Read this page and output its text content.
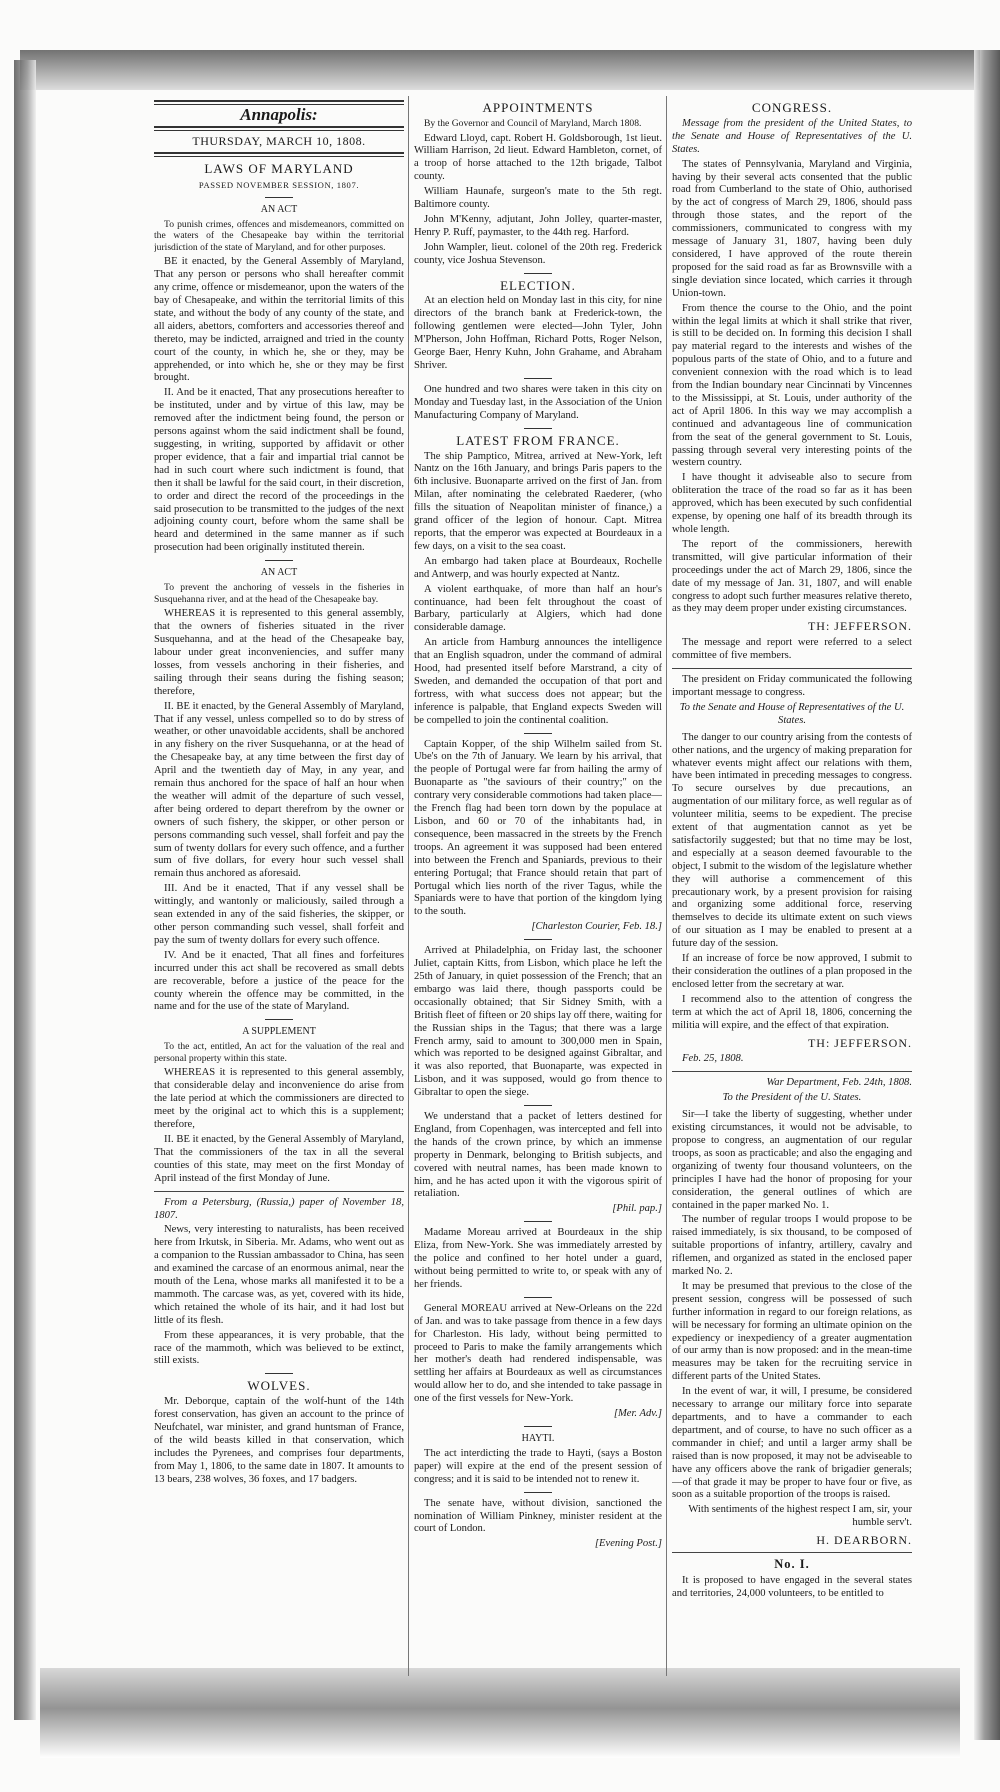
Annapolis:
THURSDAY, MARCH 10, 1808.
LAWS OF MARYLAND
PASSED NOVEMBER SESSION, 1807.
AN ACT

To punish crimes, offences and misdemeanors, committed on the waters of the Chesapeake bay within the territorial jurisdiction of the state of Maryland, and for other purposes.

BE it enacted, by the General Assembly of Maryland, That any person or persons who shall hereafter commit any crime, offence or misdemeanor, upon the waters of the bay of Chesapeake, and within the territorial limits of this state, and without the body of any county of the state, and all aiders, abettors, comforters and accessories thereof and thereto, may be indicted, arraigned and tried in the county court of the county, in which he, she or they, may be apprehended, or into which he, she or they may be first brought.

II. And be it enacted, That any prosecutions hereafter to be instituted, under and by virtue of this law, may be removed after the indictment being found, the person or persons against whom the said indictment shall be found, suggesting, in writing, supported by affidavit or other proper evidence, that a fair and impartial trial cannot be had in such court where such indictment is found, that then it shall be lawful for the said court, in their discretion, to order and direct the record of the proceedings in the said prosecution to be transmitted to the judges of the next adjoining county court, before whom the same shall be heard and determined in the same manner as if such prosecution had been originally instituted therein.

AN ACT

To prevent the anchoring of vessels in the fisheries in Susquehanna river, and at the head of the Chesapeake bay.

WHEREAS it is represented to this general assembly, that the owners of fisheries situated in the river Susquehanna, and at the head of the Chesapeake bay, labour under great inconveniencies, and suffer many losses, from vessels anchoring in their fisheries, and sailing through their seans during the fishing season; therefore,

II. BE it enacted, by the General Assembly of Maryland, That if any vessel, unless compelled so to do by stress of weather, or other unavoidable accidents, shall be anchored in any fishery on the river Susquehanna, or at the head of the Chesapeake bay, at any time between the first day of April and the twentieth day of May, in any year, and remain thus anchored for the space of half an hour when the weather will admit of the departure of such vessel, after being ordered to depart therefrom by the owner or owners of such fishery, the skipper, or other person or persons commanding such vessel, shall forfeit and pay the sum of twenty dollars for every such offence, and a further sum of five dollars, for every hour such vessel shall remain thus anchored as aforesaid.

III. And be it enacted, That if any vessel shall be wittingly, and wantonly or maliciously, sailed through a sean extended in any of the said fisheries, the skipper, or other person commanding such vessel, shall forfeit and pay the sum of twenty dollars for every such offence.

IV. And be it enacted, That all fines and forfeitures incurred under this act shall be recovered as small debts are recoverable, before a justice of the peace for the county wherein the offence may be committed, in the name and for the use of the state of Maryland.

A SUPPLEMENT

To the act, entitled, An act for the valuation of the real and personal property within this state.

WHEREAS it is represented to this general assembly, that considerable delay and inconvenience do arise from the late period at which the commissioners are directed to meet by the original act to which this is a supplement; therefore,

II. BE it enacted, by the General Assembly of Maryland, That the commissioners of the tax in all the several counties of this state, may meet on the first Monday of April instead of the first Monday of June.

From a Petersburg, (Russia,) paper of November 18, 1807.

News, very interesting to naturalists, has been received here from Irkutsk, in Siberia. Mr. Adams, who went out as a companion to the Russian ambassador to China, has seen and examined the carcase of an enormous animal, near the mouth of the Lena, whose marks all manifested it to be a mammoth. The carcase was, as yet, covered with its hide, which retained the whole of its hair, and it had lost but little of its flesh.

From these appearances, it is very probable, that the race of the mammoth, which was believed to be extinct, still exists.

WOLVES.

Mr. Deborque, captain of the wolf-hunt of the 14th forest conservation, has given an account to the prince of Neufchatel, war minister, and grand huntsman of France, of the wild beasts killed in that conservation, which includes the Pyrenees, and comprises four departments, from May 1, 1806, to the same date in 1807. It amounts to 13 bears, 238 wolves, 36 foxes, and 17 badgers.

APPOINTMENTS

By the Governor and Council of Maryland, March 1808.

Edward Lloyd, capt. Robert H. Goldsborough, 1st lieut. William Harrison, 2d lieut. Edward Hambleton, cornet, of a troop of horse attached to the 12th brigade, Talbot county.

William Haunafe, surgeon's mate to the 5th regt. Baltimore county.

John M'Kenny, adjutant, John Jolley, quarter-master, Henry P. Ruff, paymaster, to the 44th reg. Harford.

John Wampler, lieut. colonel of the 20th reg. Frederick county, vice Joshua Stevenson.

ELECTION.

At an election held on Monday last in this city, for nine directors of the branch bank at Frederick-town, the following gentlemen were elected—John Tyler, John M'Pherson, John Hoffman, Richard Potts, Roger Nelson, George Baer, Henry Kuhn, John Grahame, and Abraham Shriver.

One hundred and two shares were taken in this city on Monday and Tuesday last, in the Association of the Union Manufacturing Company of Maryland.

LATEST FROM FRANCE.

The ship Pamptico, Mitrea, arrived at New-York, left Nantz on the 16th January, and brings Paris papers to the 6th inclusive. Buonaparte arrived on the first of Jan. from Milan, after nominating the celebrated Raederer, (who fills the situation of Neapolitan minister of finance,) a grand officer of the legion of honour. Capt. Mitrea reports, that the emperor was expected at Bourdeaux in a few days, on a visit to the sea coast.

An embargo had taken place at Bourdeaux, Rochelle and Antwerp, and was hourly expected at Nantz.

A violent earthquake, of more than half an hour's continuance, had been felt throughout the coast of Barbary, particularly at Algiers, which had done considerable damage.

An article from Hamburg announces the intelligence that an English squadron, under the command of admiral Hood, had presented itself before Marstrand, a city of Sweden, and demanded the occupation of that port and fortress, with what success does not appear; but the inference is palpable, that England expects Sweden will be compelled to join the continental coalition.

Captain Kopper, of the ship Wilhelm sailed from St. Ube's on the 7th of January. We learn by his arrival, that the people of Portugal were far from hailing the army of Buonaparte as "the saviours of their country;" on the contrary very considerable commotions had taken place—the French flag had been torn down by the populace at Lisbon, and 60 or 70 of the inhabitants had, in consequence, been massacred in the streets by the French troops. An agreement it was supposed had been entered into between the French and Spaniards, previous to their entering Portugal; that France should retain that part of Portugal which lies north of the river Tagus, while the Spaniards were to have that portion of the kingdom lying to the south.

[Charleston Courier, Feb. 18.]

Arrived at Philadelphia, on Friday last, the schooner Juliet, captain Kitts, from Lisbon, which place he left the 25th of January, in quiet possession of the French; that an embargo was laid there, though passports could be occasionally obtained; that Sir Sidney Smith, with a British fleet of fifteen or 20 ships lay off there, waiting for the Russian ships in the Tagus; that there was a large French army, said to amount to 300,000 men in Spain, which was reported to be designed against Gibraltar, and it was also reported, that Buonaparte, was expected in Lisbon, and it was supposed, would go from thence to Gibraltar to open the siege.

We understand that a packet of letters destined for England, from Copenhagen, was intercepted and fell into the hands of the crown prince, by which an immense property in Denmark, belonging to British subjects, and covered with neutral names, has been made known to him, and he has acted upon it with the vigorous spirit of retaliation.

[Phil. pap.]

Madame Moreau arrived at Bourdeaux in the ship Eliza, from New-York. She was immediately arrested by the police and confined to her hotel under a guard, without being permitted to write to, or speak with any of her friends.

General MOREAU arrived at New-Orleans on the 22d of Jan. and was to take passage from thence in a few days for Charleston. His lady, without being permitted to proceed to Paris to make the family arrangements which her mother's death had rendered indispensable, was settling her affairs at Bourdeaux as well as circumstances would allow her to do, and she intended to take passage in one of the first vessels for New-York.

[Mer. Adv.]
HAYTI.

The act interdicting the trade to Hayti, (says a Boston paper) will expire at the end of the present session of congress; and it is said to be intended not to renew it.

The senate have, without division, sanctioned the nomination of William Pinkney, minister resident at the court of London.

[Evening Post.]
CONGRESS.

Message from the president of the United States, to the Senate and House of Representatives of the U. States.

The states of Pennsylvania, Maryland and Virginia, having by their several acts consented that the public road from Cumberland to the state of Ohio, authorised by the act of congress of March 29, 1806, should pass through those states, and the report of the commissioners, communicated to congress with my message of January 31, 1807, having been duly considered, I have approved of the route therein proposed for the said road as far as Brownsville with a single deviation since located, which carries it through Union-town.

From thence the course to the Ohio, and the point within the legal limits at which it shall strike that river, is still to be decided on. In forming this decision I shall pay material regard to the interests and wishes of the populous parts of the state of Ohio, and to a future and convenient connexion with the road which is to lead from the Indian boundary near Cincinnati by Vincennes to the Mississippi, at St. Louis, under authority of the act of April 1806. In this way we may accomplish a continued and advantageous line of communication from the seat of the general government to St. Louis, passing through several very interesting points of the western country.

I have thought it adviseable also to secure from obliteration the trace of the road so far as it has been approved, which has been executed by such confidential expense, by opening one half of its breadth through its whole length.

The report of the commissioners, herewith transmitted, will give particular information of their proceedings under the act of March 29, 1806, since the date of my message of Jan. 31, 1807, and will enable congress to adopt such further measures relative thereto, as they may deem proper under existing circumstances.

TH: JEFFERSON.

The message and report were referred to a select committee of five members.

The president on Friday communicated the following important message to congress.

To the Senate and House of Representatives of the U. States.

The danger to our country arising from the contests of other nations, and the urgency of making preparation for whatever events might affect our relations with them, have been intimated in preceding messages to congress. To secure ourselves by due precautions, an augmentation of our military force, as well regular as of volunteer militia, seems to be expedient. The precise extent of that augmentation cannot as yet be satisfactorily suggested; but that no time may be lost, and especially at a season deemed favourable to the object, I submit to the wisdom of the legislature whether they will authorise a commencement of this precautionary work, by a present provision for raising and organizing some additional force, reserving themselves to decide its ultimate extent on such views of our situation as I may be enabled to present at a future day of the session.

If an increase of force be now approved, I submit to their consideration the outlines of a plan proposed in the enclosed letter from the secretary at war.

I recommend also to the attention of congress the term at which the act of April 18, 1806, concerning the militia will expire, and the effect of that expiration.

TH: JEFFERSON.

Feb. 25, 1808.

War Department, Feb. 24th, 1808.
To the President of the U. States.

Sir—I take the liberty of suggesting, whether under existing circumstances, it would not be advisable, to propose to congress, an augmentation of our regular troops, as soon as practicable; and also the engaging and organizing of twenty four thousand volunteers, on the principles I have had the honor of proposing for your consideration, the general outlines of which are contained in the paper marked No. 1.

The number of regular troops I would propose to be raised immediately, is six thousand, to be composed of suitable proportions of infantry, artillery, cavalry and riflemen, and organized as stated in the enclosed paper marked No. 2.

It may be presumed that previous to the close of the present session, congress will be possessed of such further information in regard to our foreign relations, as will be necessary for forming an ultimate opinion on the expediency or inexpediency of a greater augmentation of our army than is now proposed: and in the mean-time measures may be taken for the recruiting service in different parts of the United States.

In the event of war, it will, I presume, be considered necessary to arrange our military force into separate departments, and to have a commander to each department, and of course, to have no such officer as a commander in chief; and until a larger army shall be raised than is now proposed, it may not be adviseable to have any officers above the rank of brigadier generals;—of that grade it may be proper to have four or five, as soon as a suitable proportion of the troops is raised.

With sentiments of the highest respect I am, sir, your humble serv't.

H. DEARBORN.
No. I.

It is proposed to have engaged in the several states and territories, 24,000 volunteers, to be entitled to
